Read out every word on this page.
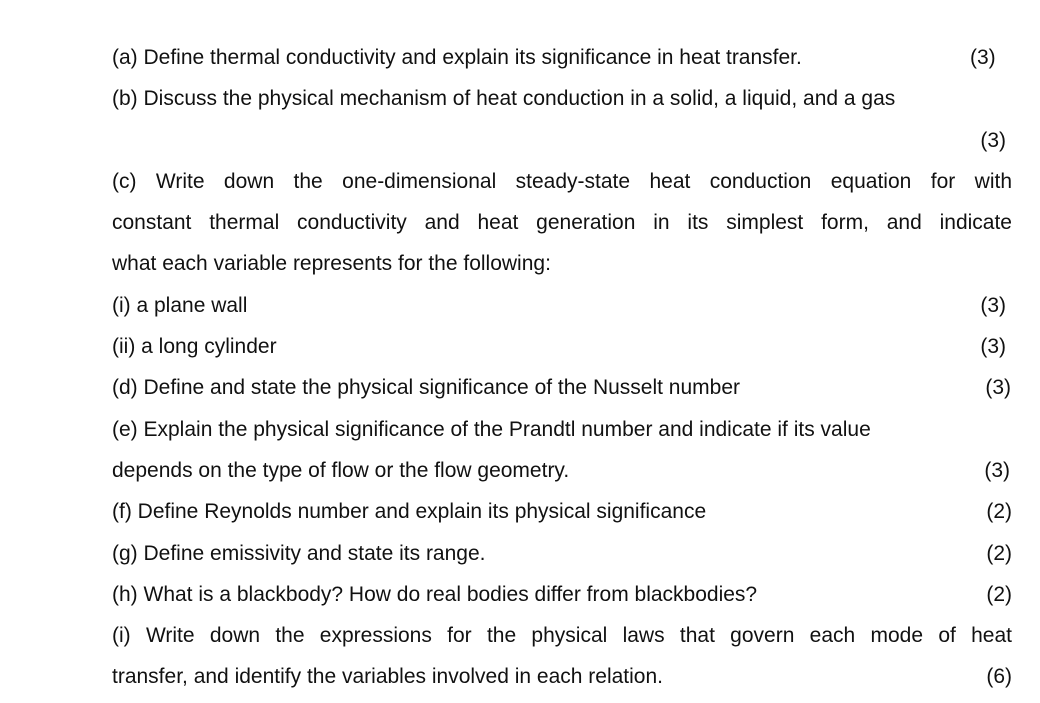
(a) Define thermal conductivity and explain its significance in heat transfer.	(3)
(b) Discuss the physical mechanism of heat conduction in a solid, a liquid, and a gas
(3)
(c) Write down the one-dimensional steady-state heat conduction equation for with
constant thermal conductivity and heat generation in its simplest form, and indicate
what each variable represents for the following:
(i) a plane wall	(3)
(ii) a long cylinder	(3)
(d) Define and state the physical significance of the Nusselt number	(3)
(e) Explain the physical significance of the Prandtl number and indicate if its value
depends on the type of flow or the flow geometry.	(3)
(f) Define Reynolds number and explain its physical significance	(2)
(g) Define emissivity and state its range.	(2)
(h) What is a blackbody? How do real bodies differ from blackbodies?	(2)
(i) Write down the expressions for the physical laws that govern each mode of heat
transfer, and identify the variables involved in each relation.	(6)
